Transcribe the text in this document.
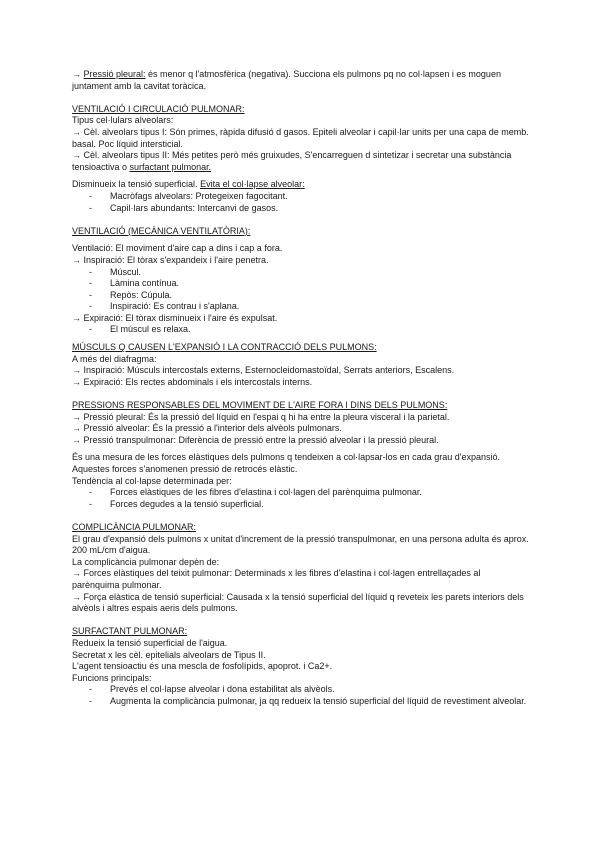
→ Pressió pleural: és menor q l'atmosfèrica (negativa). Succiona els pulmons pq no col·lapsen i es moguen juntament amb la cavitat toràcica.
VENTILACIÓ I CIRCULACIÓ PULMONAR:
Tipus cel·lulars alveolars:
→ Cèl. alveolars tipus I: Són primes, ràpida difusió d gasos. Epiteli alveolar i capil·lar units per una capa de memb. basal. Poc líquid intersticial.
→ Cèl. alveolars tipus II: Més petites però més gruixudes, S'encarreguen d sintetizar i secretar una substància tensioactiva o surfactant pulmonar.
Disminueix la tensió superficial. Evita el col·lapse alveolar:
-	Macròfags alveolars: Protegeixen fagocitant.
-	Capil·lars abundants: Intercanvi de gasos.
VENTILACIÓ (MECÀNICA VENTILATÒRIA):
Ventilació: El moviment d'aire cap a dins i cap a fora.
→ Inspiració: El tòrax s'expandeix i l'aire penetra.
-	Múscul.
-	Làmina contínua.
-	Repòs: Cúpula.
-	Inspiració: Es contrau i s'aplana.
→ Expiració: El tòrax disminueix i l'aire és expulsat.
-	El múscul es relaxa.
MÚSCULS Q CAUSEN L'EXPANSIÓ I LA CONTRACCIÓ DELS PULMONS:
A més del diafragma:
→ Inspiració: Músculs intercostals externs, Esternocleidomastoïdal, Serrats anteriors, Escalens.
→ Expiració: Els rectes abdominals i els intercostals interns.
PRESSIONS RESPONSABLES DEL MOVIMENT DE L'AIRE FORA I DINS DELS PULMONS:
→ Pressió pleural: És la pressió del líquid en l'espai q hi ha entre la pleura visceral i la parietal.
→ Pressió alveolar: És la pressió a l'interior dels alvèols pulmonars.
→ Pressió transpulmonar: Diferència de pressió entre la pressió alveolar i la pressió pleural.
És una mesura de les forces elàstiques dels pulmons q tendeixen a col·lapsar-los en cada grau d'expansió.
Aquestes forces s'anomenen pressió de retrocés elàstic.
Tendència al col·lapse determinada per:
-	Forces elàstiques de les fibres d'elastina i col·lagen del parènquima pulmonar.
-	Forces degudes a la tensió superficial.
COMPLICÀNCIA PULMONAR:
El grau d'expansió dels pulmons x unitat d'increment de la pressió transpulmonar, en una persona adulta és aprox. 200 mL/cm d'aigua.
La complicància pulmonar depèn de:
→ Forces elàstiques del teixit pulmonar: Determinads x les fibres d'elastina i col·lagen entrellaçades al parènquima pulmonar.
→ Força elàstica de tensió superficial: Causada x la tensió superficial del líquid q reveteix les parets interiors dels alvèols i altres espais aeris dels pulmons.
SURFACTANT PULMONAR:
Redueix la tensió superficial de l'aigua.
Secretat x les cèl. epitelials alveolars de Tipus II.
L'agent tensioactiu és una mescla de fosfolípids, apoprot. i Ca2+.
Funcions principals:
-	Prevés el col·lapse alveolar i dona estabilitat als alvèols.
-	Augmenta la complicància pulmonar, ja qq redueix la tensió superficial del líquid de revestiment alveolar.
